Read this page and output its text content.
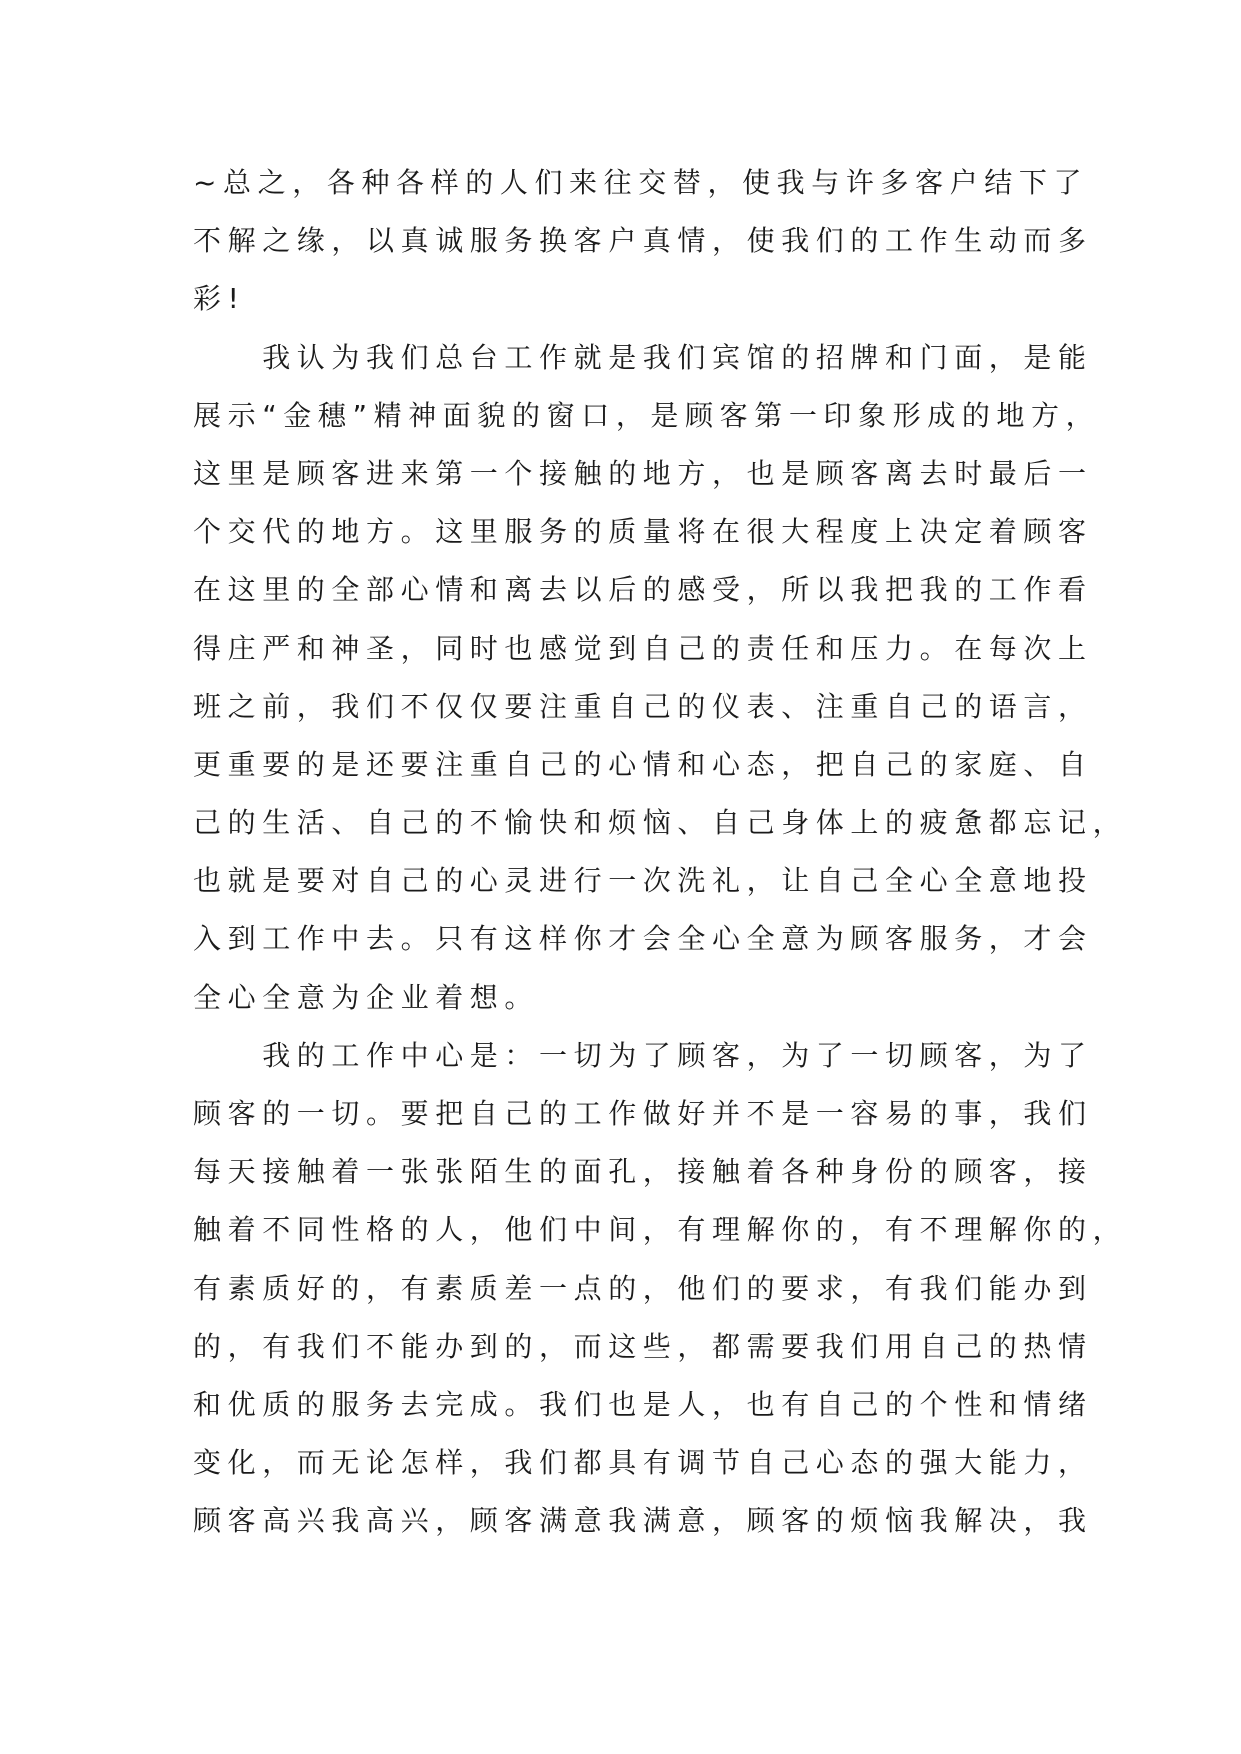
~总之，各种各样的人们来往交替，使我与许多客户结下了
不解之缘，以真诚服务换客户真情，使我们的工作生动而多
彩!
　　我认为我们总台工作就是我们宾馆的招牌和门面，是能
展示“金穗”精神面貌的窗口，是顾客第一印象形成的地方，
这里是顾客进来第一个接触的地方，也是顾客离去时最后一
个交代的地方。这里服务的质量将在很大程度上决定着顾客
在这里的全部心情和离去以后的感受，所以我把我的工作看
得庄严和神圣，同时也感觉到自己的责任和压力。在每次上
班之前，我们不仅仅要注重自己的仪表、注重自己的语言，
更重要的是还要注重自己的心情和心态，把自己的家庭、自
己的生活、自己的不愉快和烦恼、自己身体上的疲惫都忘记，
也就是要对自己的心灵进行一次洗礼，让自己全心全意地投
入到工作中去。只有这样你才会全心全意为顾客服务，才会
全心全意为企业着想。
　　我的工作中心是：一切为了顾客，为了一切顾客，为了
顾客的一切。要把自己的工作做好并不是一容易的事，我们
每天接触着一张张陌生的面孔，接触着各种身份的顾客，接
触着不同性格的人，他们中间，有理解你的，有不理解你的，
有素质好的，有素质差一点的，他们的要求，有我们能办到
的，有我们不能办到的，而这些，都需要我们用自己的热情
和优质的服务去完成。我们也是人，也有自己的个性和情绪
变化，而无论怎样，我们都具有调节自己心态的强大能力，
顾客高兴我高兴，顾客满意我满意，顾客的烦恼我解决，我
